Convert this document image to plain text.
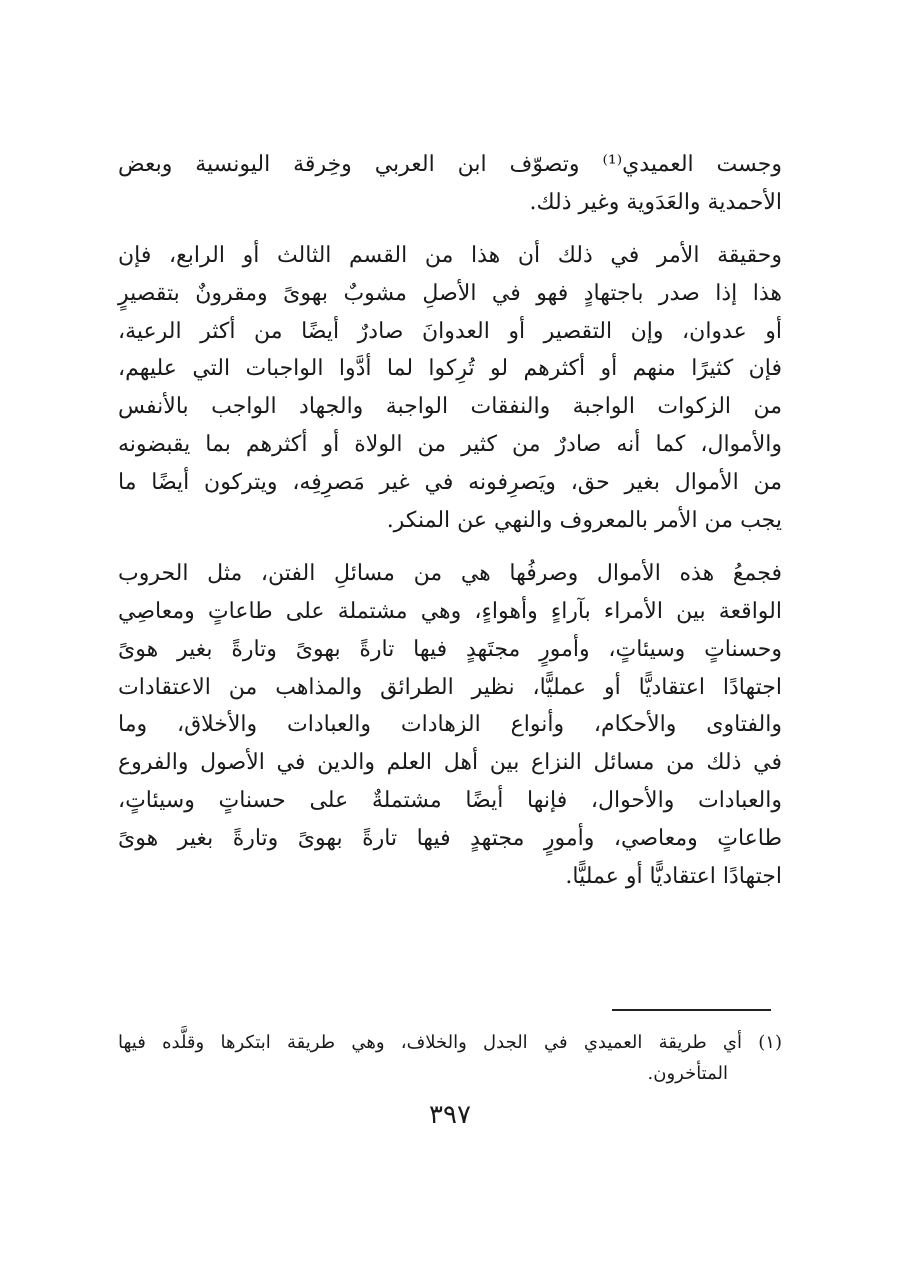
وجست العميدي⁽¹⁾ وتصوّف ابن العربي وخِرقة اليونسية وبعض
الأحمدية والعَدَوية وغير ذلك.

وحقيقة الأمر في ذلك أن هذا من القسم الثالث أو الرابع، فإن
هذا إذا صدر باجتهادٍ فهو في الأصلِ مشوبٌ بهوىً ومقرونٌ بتقصيرٍ
أو عدوان، وإن التقصير أو العدوانَ صادرٌ أيضًا من أكثر الرعية،
فإن كثيرًا منهم أو أكثرهم لو تُرِكوا لما أدَّوا الواجبات التي عليهم،
من الزكوات الواجبة والنفقات الواجبة والجهاد الواجب بالأنفس
والأموال، كما أنه صادرٌ من كثير من الولاة أو أكثرهم بما يقبضونه
من الأموال بغير حق، ويَصرِفونه في غير مَصرِفِه، ويتركون أيضًا ما
يجب من الأمر بالمعروف والنهي عن المنكر.

فجمعُ هذه الأموال وصرفُها هي من مسائلِ الفتن، مثل الحروب
الواقعة بين الأمراء بآراءٍ وأهواءٍ، وهي مشتملة على طاعاتٍ ومعاصِي
وحسناتٍ وسيئاتٍ، وأمورٍ مجتَهدٍ فيها تارةً بهوىً وتارةً بغير هوىً
اجتهادًا اعتقاديًّا أو عمليًّا، نظير الطرائق والمذاهب من الاعتقادات
والفتاوى والأحكام، وأنواع الزهادات والعبادات والأخلاق، وما
في ذلك من مسائل النزاع بين أهل العلم والدين في الأصول والفروع
والعبادات والأحوال، فإنها أيضًا مشتملةٌ على حسناتٍ وسيئاتٍ،
طاعاتٍ ومعاصي، وأمورٍ مجتهدٍ فيها تارةً بهوىً وتارةً بغير هوىً
اجتهادًا اعتقاديًّا أو عمليًّا.

(١) أي طريقة العميدي في الجدل والخلاف، وهي طريقة ابتكرها وقلَّده فيها
المتأخرون.
٣٩٧
